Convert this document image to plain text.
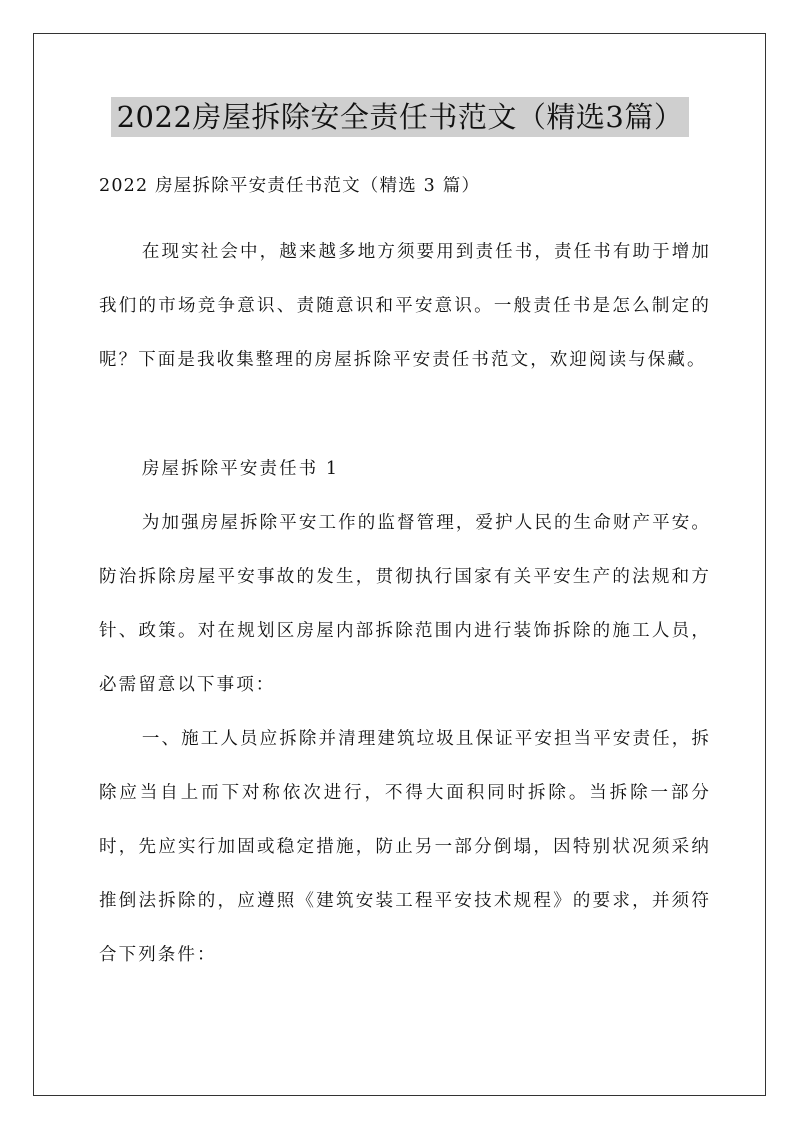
2022房屋拆除安全责任书范文（精选3篇）

2022 房屋拆除平安责任书范文（精选 3 篇）

在现实社会中，越来越多地方须要用到责任书，责任书有助于增加我们的市场竞争意识、责随意识和平安意识。一般责任书是怎么制定的呢？下面是我收集整理的房屋拆除平安责任书范文，欢迎阅读与保藏。

房屋拆除平安责任书 1

为加强房屋拆除平安工作的监督管理，爱护人民的生命财产平安。防治拆除房屋平安事故的发生，贯彻执行国家有关平安生产的法规和方针、政策。对在规划区房屋内部拆除范围内进行装饰拆除的施工人员，必需留意以下事项：

一、施工人员应拆除并清理建筑垃圾且保证平安担当平安责任，拆除应当自上而下对称依次进行，不得大面积同时拆除。当拆除一部分时，先应实行加固或稳定措施，防止另一部分倒塌，因特别状况须采纳推倒法拆除的，应遵照《建筑安装工程平安技术规程》的要求，并须符合下列条件：
